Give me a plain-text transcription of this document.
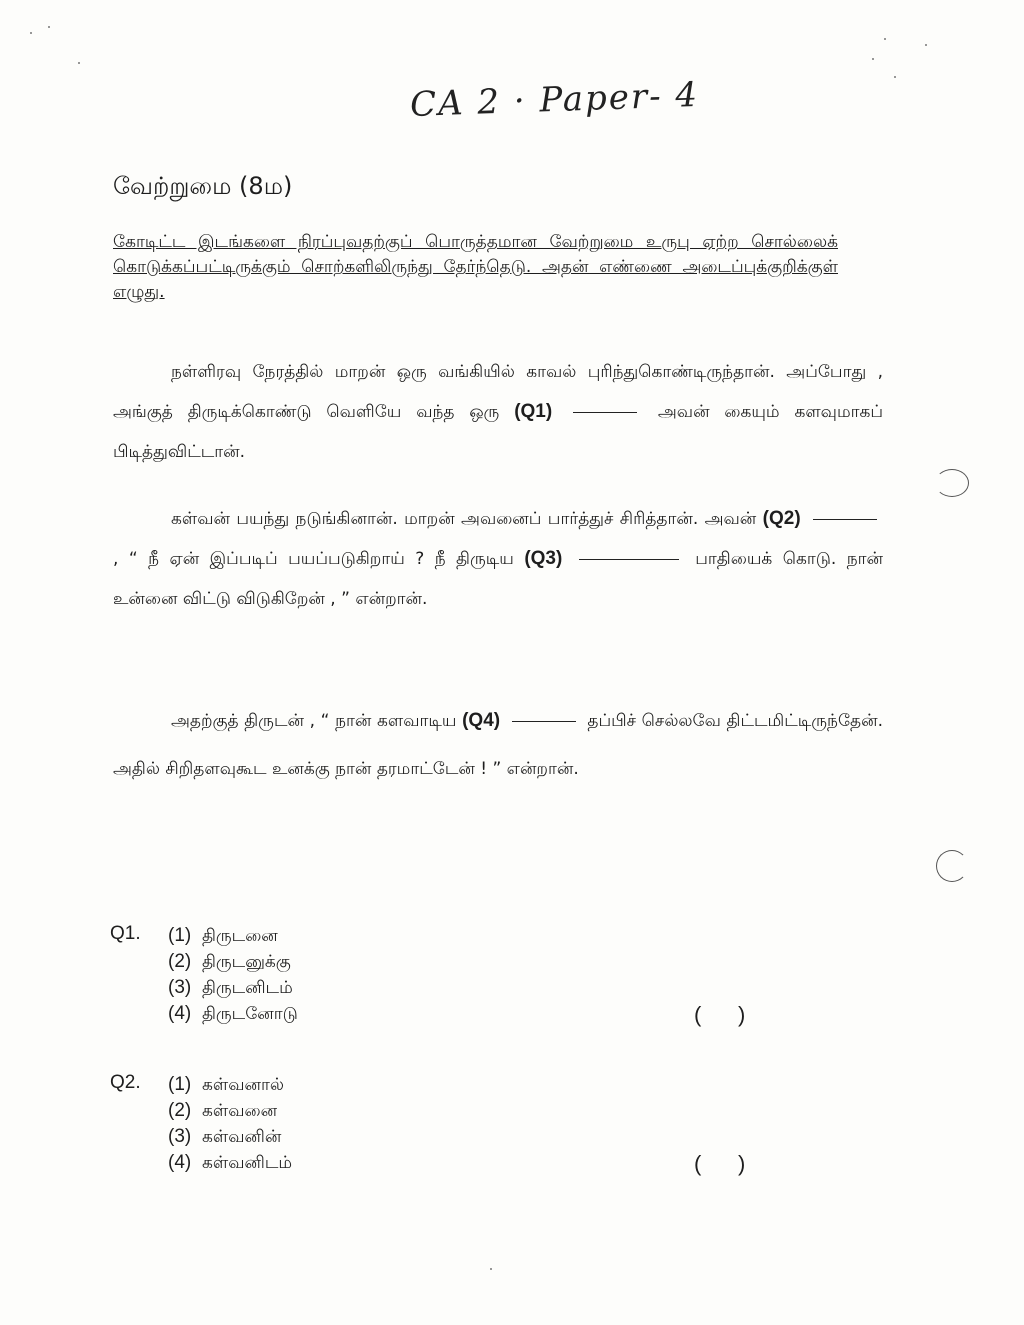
CA 2 · Paper- 4
வேற்றுமை (8ம)
கோடிட்ட இடங்களை நிரப்புவதற்குப் பொருத்தமான வேற்றுமை உருபு ஏற்ற சொல்லைக் கொடுக்கப்பட்டிருக்கும் சொற்களிலிருந்து தேர்ந்தெடு. அதன் எண்ணை அடைப்புக்குறிக்குள் எழுது.
நள்ளிரவு நேரத்தில் மாறன் ஒரு வங்கியில் காவல் புரிந்துகொண்டிருந்தான். அப்போது , அங்குத் திருடிக்கொண்டு வெளியே வந்த ஒரு (Q1)	அவன் கையும் களவுமாகப் பிடித்துவிட்டான்.
கள்வன் பயந்து நடுங்கினான். மாறன் அவனைப் பார்த்துச் சிரித்தான். அவன் (Q2)  , “ நீ ஏன் இப்படிப் பயப்படுகிறாய் ? நீ திருடிய (Q3)	பாதியைக் கொடு. நான் உன்னை விட்டு விடுகிறேன் , ” என்றான்.
அதற்குத் திருடன் , “ நான் களவாடிய (Q4)	தப்பிச் செல்லவே திட்டமிட்டிருந்தேன். அதில் சிறிதளவுகூட உனக்கு நான் தரமாட்டேன் ! ” என்றான்.
Q1. (1) திருடனை
(2) திருடனுக்கு
(3) திருடனிடம்
(4) திருடனோடு	(      )
Q2. (1) கள்வனால்
(2) கள்வனை
(3) கள்வனின்
(4) கள்வனிடம்	(      )
